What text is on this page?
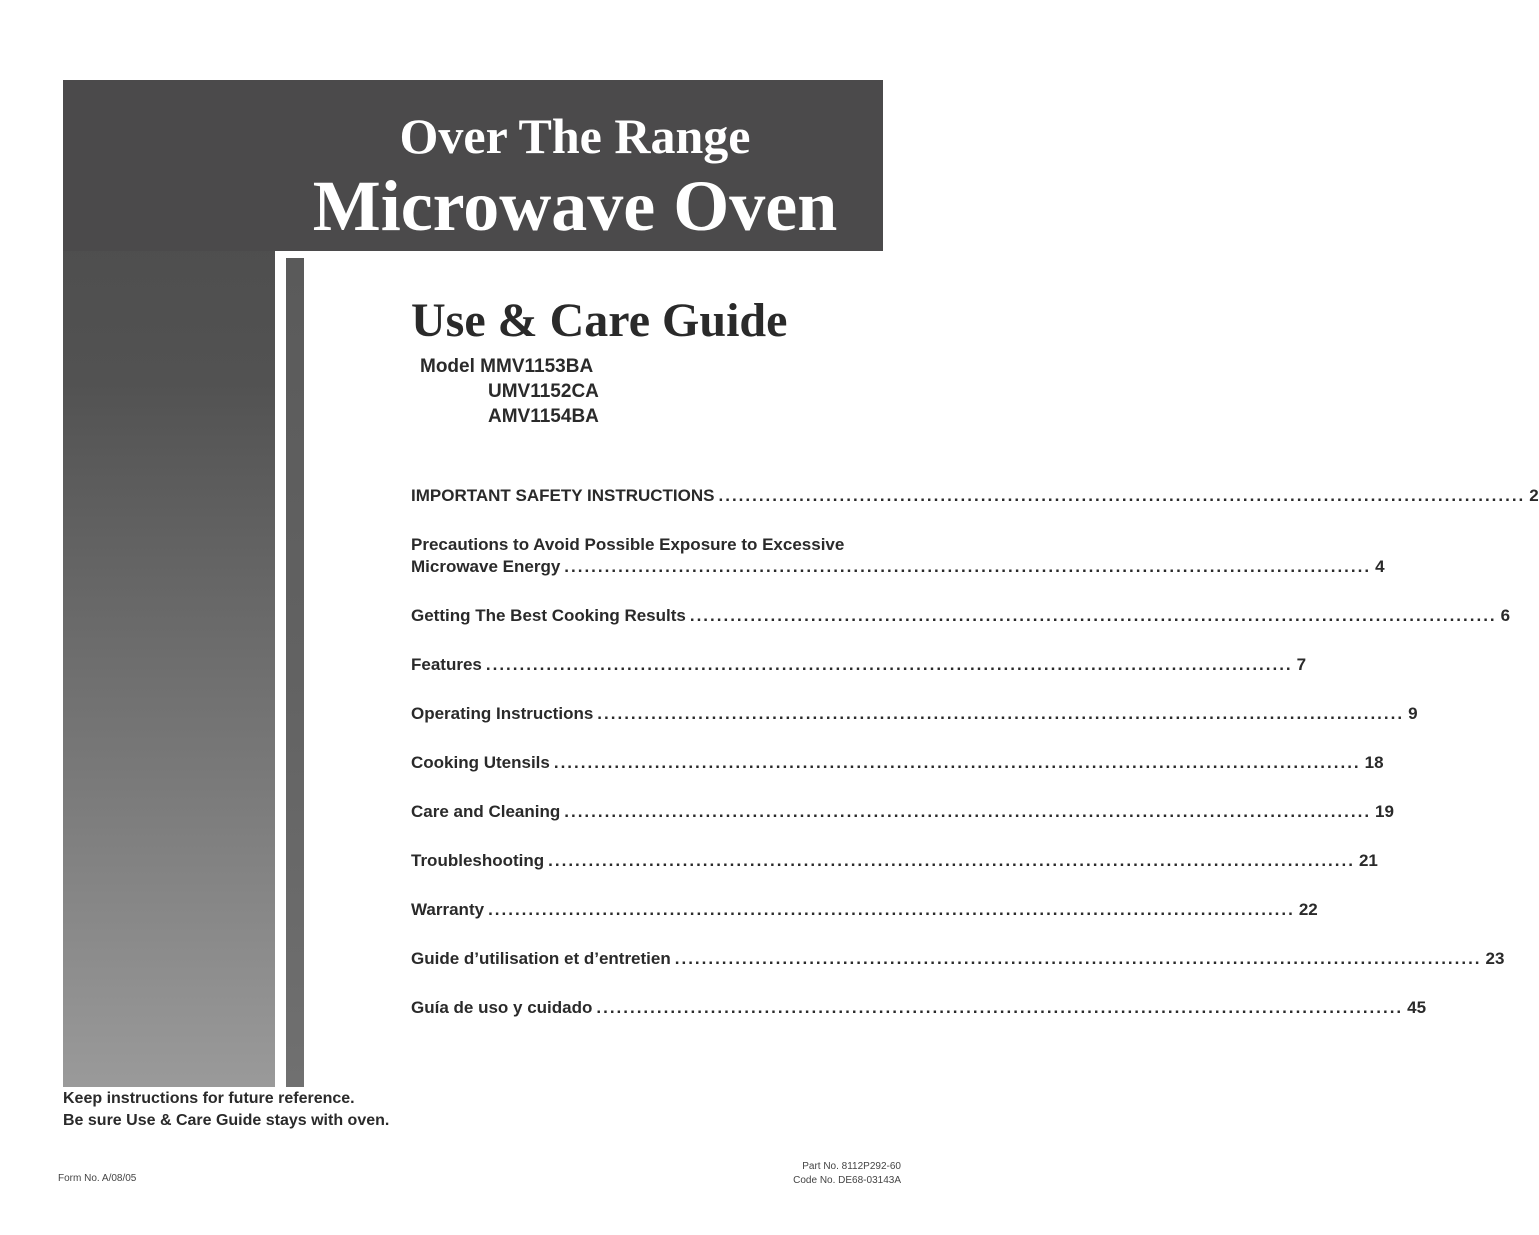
Over The Range
Microwave Oven
Use & Care Guide
Model MMV1153BA
UMV1152CA
AMV1154BA
IMPORTANT SAFETY INSTRUCTIONS ........................................................................................................................ 2
Precautions to Avoid Possible Exposure to Excessive
Microwave Energy ........................................................................................................................ 4
Getting The Best Cooking Results ........................................................................................................................ 6
Features ........................................................................................................................ 7
Operating Instructions ........................................................................................................................ 9
Cooking Utensils ........................................................................................................................ 18
Care and Cleaning ........................................................................................................................ 19
Troubleshooting ........................................................................................................................ 21
Warranty ........................................................................................................................ 22
Guide d’utilisation et d’entretien ........................................................................................................................ 23
Guía de uso y cuidado ........................................................................................................................ 45
Keep instructions for future reference.
Be sure Use & Care Guide stays with oven.
Form No. A/08/05
Part No. 8112P292-60
Code No. DE68-03143A
